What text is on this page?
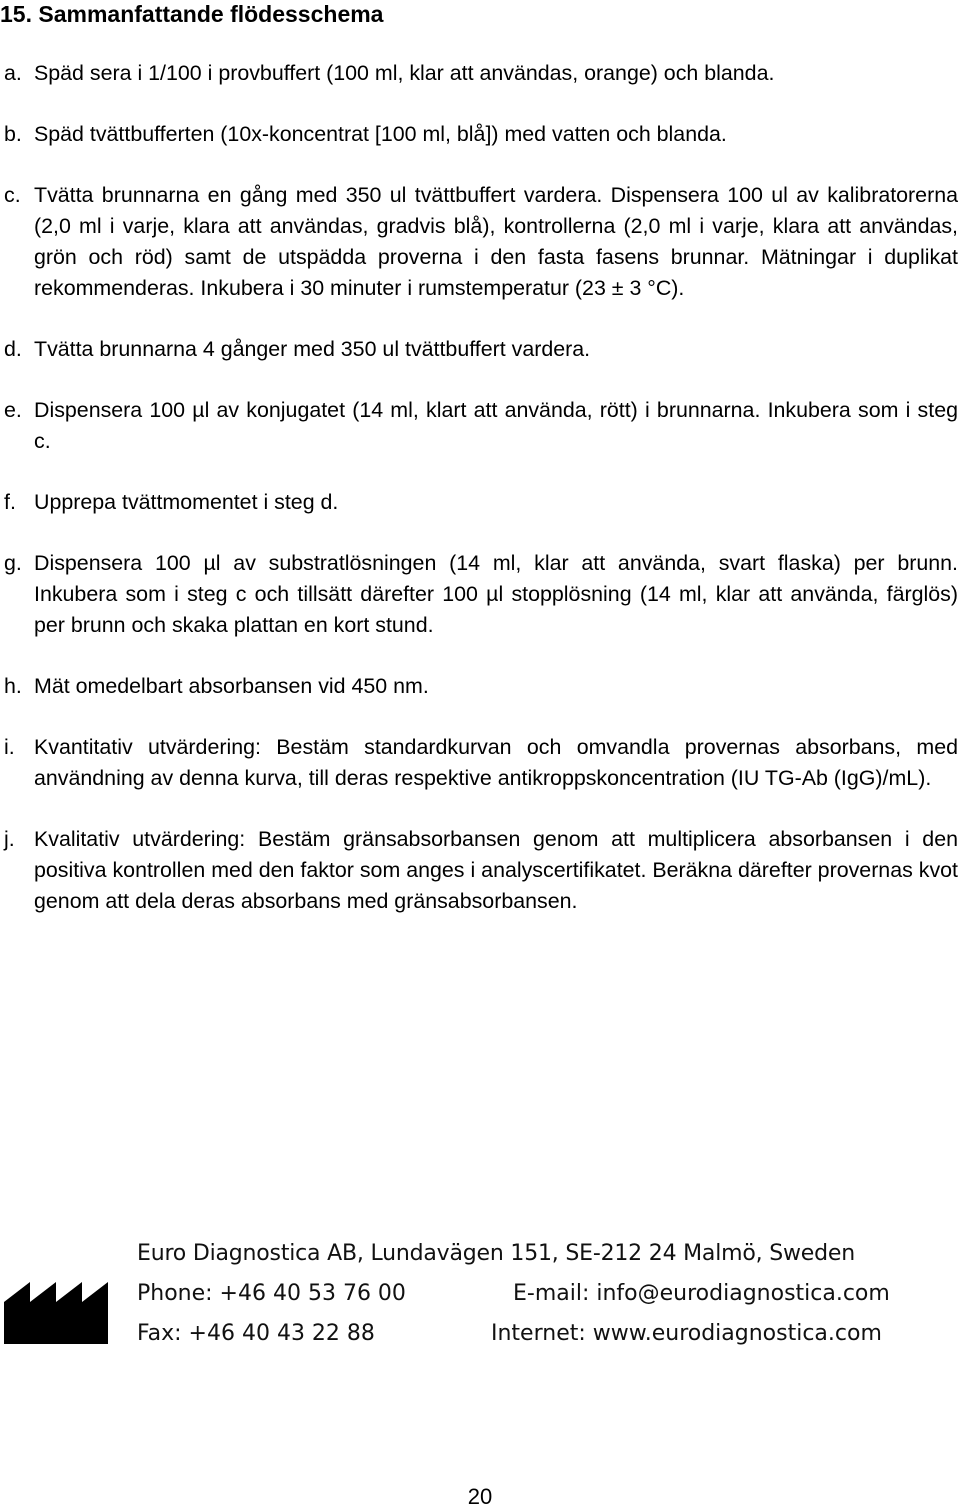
15. Sammanfattande flödesschema
a. Späd sera i 1/100 i provbuffert (100 ml, klar att användas, orange) och blanda.
b. Späd tvättbufferten (10x-koncentrat [100 ml, blå]) med vatten och blanda.
c. Tvätta brunnarna en gång med 350 ul tvättbuffert vardera. Dispensera 100 ul av kalibratorerna (2,0 ml i varje, klara att användas, gradvis blå), kontrollerna (2,0 ml i varje, klara att användas, grön och röd) samt de utspädda proverna i den fasta fasens brunnar. Mätningar i duplikat rekommenderas. Inkubera i 30 minuter i rumstemperatur (23 ± 3 °C).
d. Tvätta brunnarna 4 gånger med 350 ul tvättbuffert vardera.
e. Dispensera 100 µl av konjugatet (14 ml, klart att använda, rött) i brunnarna. Inkubera som i steg c.
f. Upprepa tvättmomentet i steg d.
g. Dispensera 100 µl av substratlösningen (14 ml, klar att använda, svart flaska) per brunn. Inkubera som i steg c och tillsätt därefter 100 µl stopplösning (14 ml, klar att använda, färglös) per brunn och skaka plattan en kort stund.
h. Mät omedelbart absorbansen vid 450 nm.
i. Kvantitativ utvärdering: Bestäm standardkurvan och omvandla provernas absorbans, med användning av denna kurva, till deras respektive antikroppskoncentration (IU TG-Ab (IgG)/mL).
j. Kvalitativ utvärdering: Bestäm gränsabsorbansen genom att multiplicera absorbansen i den positiva kontrollen med den faktor som anges i analyscertifikatet. Beräkna därefter provernas kvot genom att dela deras absorbans med gränsabsorbansen.
Euro Diagnostica AB, Lundavägen 151, SE-212 24 Malmö, Sweden
Phone: +46 40 53 76 00
Fax: +46 40 43 22 88
E-mail: info@eurodiagnostica.com
Internet: www.eurodiagnostica.com
20
